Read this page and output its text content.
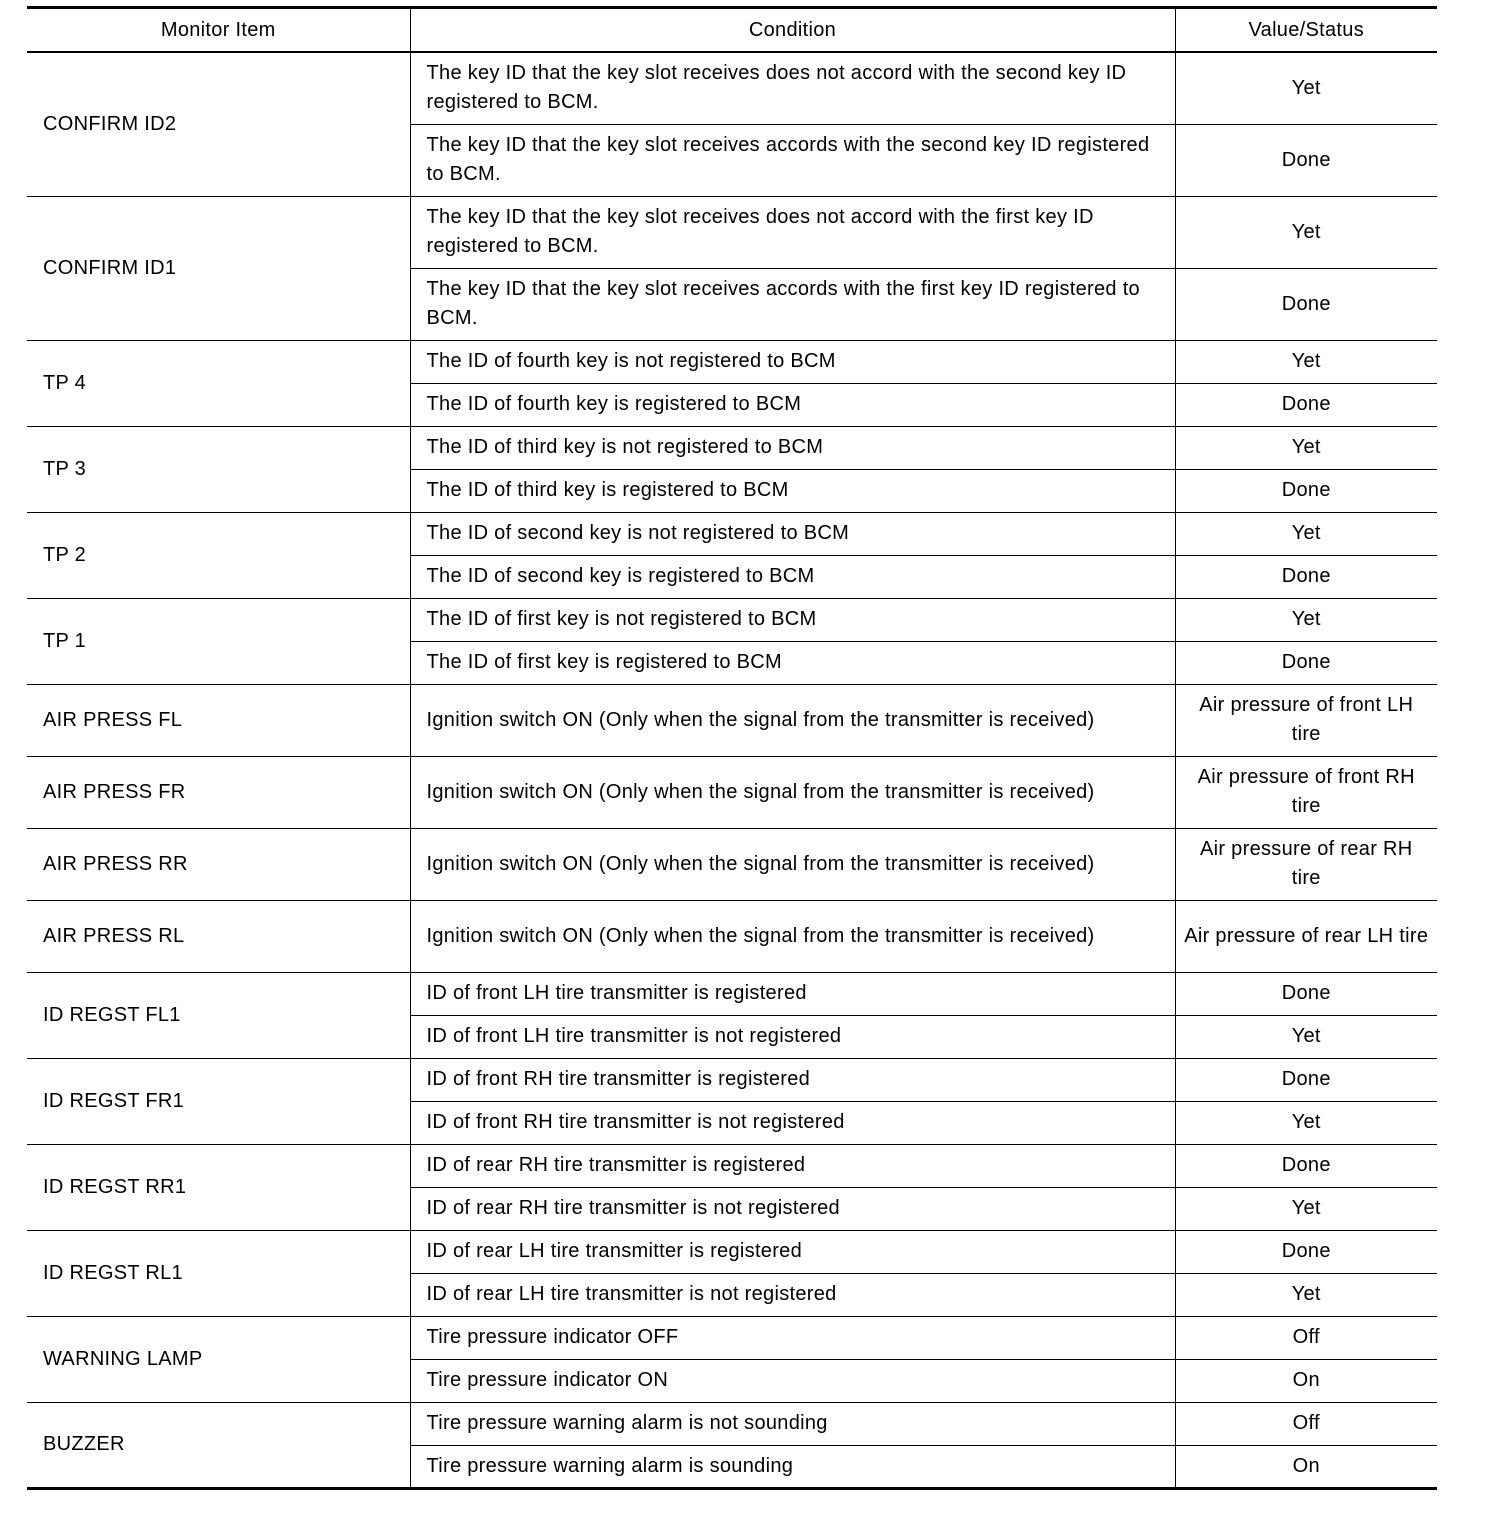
Monitor Item	Condition	Value/Status
CONFIRM ID2	The key ID that the key slot receives does not accord with the second key ID registered to BCM.	Yet
	The key ID that the key slot receives accords with the second key ID registered to BCM.	Done
CONFIRM ID1	The key ID that the key slot receives does not accord with the first key ID registered to BCM.	Yet
	The key ID that the key slot receives accords with the first key ID registered to BCM.	Done
TP 4	The ID of fourth key is not registered to BCM	Yet
	The ID of fourth key is registered to BCM	Done
TP 3	The ID of third key is not registered to BCM	Yet
	The ID of third key is registered to BCM	Done
TP 2	The ID of second key is not registered to BCM	Yet
	The ID of second key is registered to BCM	Done
TP 1	The ID of first key is not registered to BCM	Yet
	The ID of first key is registered to BCM	Done
AIR PRESS FL	Ignition switch ON (Only when the signal from the transmitter is received)	Air pressure of front LH tire
AIR PRESS FR	Ignition switch ON (Only when the signal from the transmitter is received)	Air pressure of front RH tire
AIR PRESS RR	Ignition switch ON (Only when the signal from the transmitter is received)	Air pressure of rear RH tire
AIR PRESS RL	Ignition switch ON (Only when the signal from the transmitter is received)	Air pressure of rear LH tire
ID REGST FL1	ID of front LH tire transmitter is registered	Done
	ID of front LH tire transmitter is not registered	Yet
ID REGST FR1	ID of front RH tire transmitter is registered	Done
	ID of front RH tire transmitter is not registered	Yet
ID REGST RR1	ID of rear RH tire transmitter is registered	Done
	ID of rear RH tire transmitter is not registered	Yet
ID REGST RL1	ID of rear LH tire transmitter is registered	Done
	ID of rear LH tire transmitter is not registered	Yet
WARNING LAMP	Tire pressure indicator OFF	Off
	Tire pressure indicator ON	On
BUZZER	Tire pressure warning alarm is not sounding	Off
	Tire pressure warning alarm is sounding	On
